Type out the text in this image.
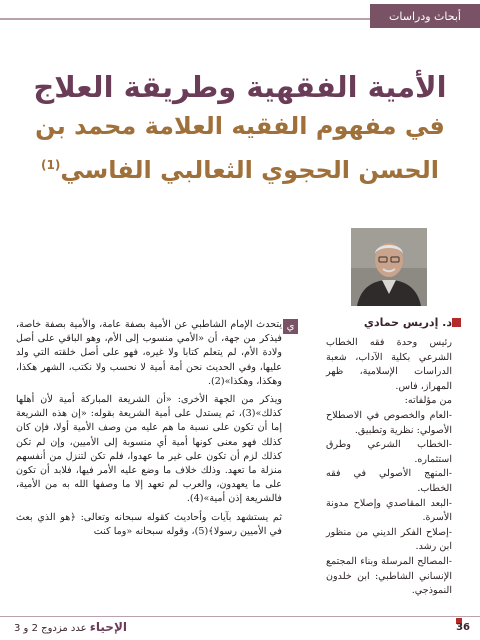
أبحاث ودراسات
الأمية الفقهية وطريقة العلاج
في مفهوم الفقيه العلامة محمد بن
الحسن الحجوي الثعالبي الفاسي$^{(1)}$
د. إدريس حمادي

رئيس وحدة فقه الخطاب الشرعي بكلية الآداب، شعبة الدراسات الإسلامية، ظهر المهراز، فاس.

من مؤلفاته:

-العام والخصوص في الاصطلاح الأصولي: نظرية وتطبيق.

-الخطاب الشرعي وطرق استثماره.

-المنهج الأصولي في فقه الخطاب.

-البعد المقاصدي وإصلاح مدونة الأسرة.

-إصلاح الفكر الديني من منظور ابن رشد.

-المصالح المرسلة وبناء المجتمع الإنساني الشاطبي: ابن خلدون النموذجي.

ي

يتحدث الإمام الشاطبي عن الأمية بصفة عامة، والأمية بصفة خاصة، فيذكر من جهة، أن «الأمي منسوب إلى الأم، وهو الباقي على أصل ولادة الأم، لم يتعلم كتابا ولا غيره، فهو على أصل خلقته التي ولد عليها، وفي الحديث نحن أمة أمية لا نحسب ولا نكتب، الشهر هكذا، وهكذا، وهكذا»(2).

ويذكر من الجهة الأخرى: «أن الشريعة المباركة أمية لأن أهلها كذلك»(3)، ثم يستدل على أمية الشريعة بقوله: «إن هذه الشريعة إما أن تكون على نسبة ما هم عليه من وصف الأمية أولا، فإن كان كذلك فهو معنى كونها أمية أي منسوبة إلى الأميين، وإن لم تكن كذلك لزم أن تكون على غير ما عهدوا، فلم تكن لتنزل من أنفسهم منزلة ما تعهد. وذلك خلاف ما وضع عليه الأمر فيها، فلابد أن تكون على ما يعهدون، والعرب لم تعهد إلا ما وصفها الله به من الأمية، فالشريعة إذن أمية»(4).

ثم يستشهد بآيات وأحاديث كقوله سبحانه وتعالى: ﴿هو الذي بعث في الأميين رسولا﴾(5)، وقوله سبحانه «وما كنت

36
الإحياء عدد مزدوج 2 و 3
